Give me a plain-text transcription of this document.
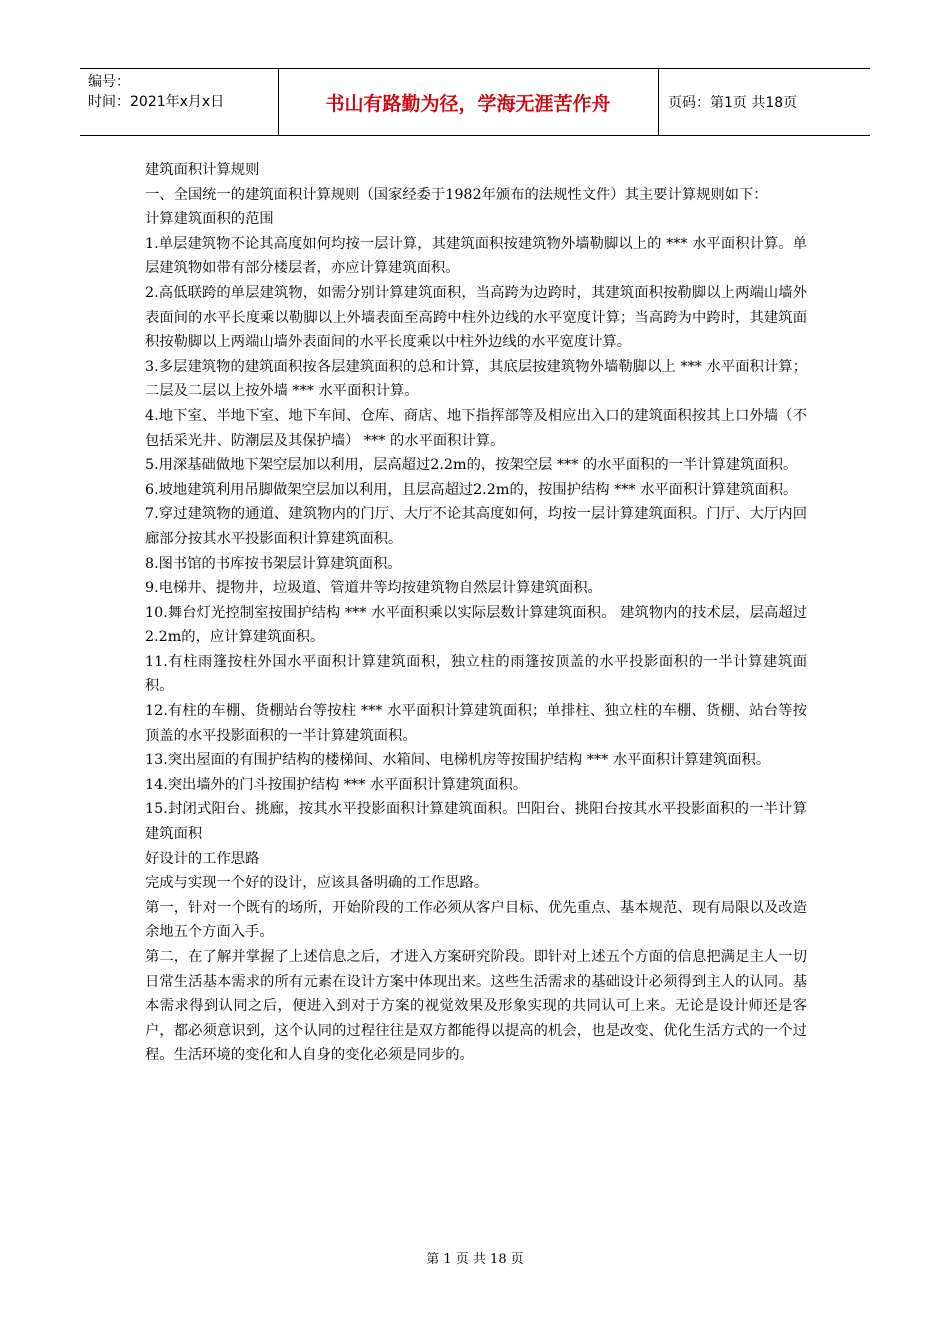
编号：
时间：2021年x月x日	书山有路勤为径，学海无涯苦作舟	页码：第1页 共18页

建筑面积计算规则

一、全国统一的建筑面积计算规则（国家经委于1982年颁布的法规性文件）其主要计算规则如下：

计算建筑面积的范围

1.单层建筑物不论其高度如何均按一层计算，其建筑面积按建筑物外墙勒脚以上的 *** 水平面积计算。单层建筑物如带有部分楼层者，亦应计算建筑面积。

2.高低联跨的单层建筑物，如需分别计算建筑面积，当高跨为边跨时，其建筑面积按勒脚以上两端山墙外表面间的水平长度乘以勒脚以上外墙表面至高跨中柱外边线的水平宽度计算；当高跨为中跨时，其建筑面积按勒脚以上两端山墙外表面间的水平长度乘以中柱外边线的水平宽度计算。

3.多层建筑物的建筑面积按各层建筑面积的总和计算，其底层按建筑物外墙勒脚以上 *** 水平面积计算；二层及二层以上按外墙 *** 水平面积计算。

4.地下室、半地下室、地下车间、仓库、商店、地下指挥部等及相应出入口的建筑面积按其上口外墙（不包括采光井、防潮层及其保护墙） *** 的水平面积计算。

5.用深基础做地下架空层加以利用，层高超过2.2m的，按架空层 *** 的水平面积的一半计算建筑面积。

6.坡地建筑利用吊脚做架空层加以利用，且层高超过2.2m的，按围护结构 *** 水平面积计算建筑面积。

7.穿过建筑物的通道、建筑物内的门厅、大厅不论其高度如何，均按一层计算建筑面积。门厅、大厅内回廊部分按其水平投影面积计算建筑面积。

8.图书馆的书库按书架层计算建筑面积。

9.电梯井、提物井，垃圾道、管道井等均按建筑物自然层计算建筑面积。

10.舞台灯光控制室按围护结构 *** 水平面积乘以实际层数计算建筑面积。 建筑物内的技术层，层高超过2.2m的，应计算建筑面积。

11.有柱雨篷按柱外国水平面积计算建筑面积，独立柱的雨篷按顶盖的水平投影面积的一半计算建筑面积。

12.有柱的车棚、货棚站台等按柱 *** 水平面积计算建筑面积；单排柱、独立柱的车棚、货棚、站台等按顶盖的水平投影面积的一半计算建筑面积。

13.突出屋面的有围护结构的楼梯间、水箱间、电梯机房等按围护结构 *** 水平面积计算建筑面积。

14.突出墙外的门斗按围护结构 *** 水平面积计算建筑面积。

15.封闭式阳台、挑廊，按其水平投影面积计算建筑面积。凹阳台、挑阳台按其水平投影面积的一半计算建筑面积

好设计的工作思路

完成与实现一个好的设计，应该具备明确的工作思路。

第一，针对一个既有的场所，开始阶段的工作必须从客户目标、优先重点、基本规范、现有局限以及改造余地五个方面入手。

第二，在了解并掌握了上述信息之后，才进入方案研究阶段。即针对上述五个方面的信息把满足主人一切日常生活基本需求的所有元素在设计方案中体现出来。这些生活需求的基础设计必须得到主人的认同。基本需求得到认同之后，便进入到对于方案的视觉效果及形象实现的共同认可上来。无论是设计师还是客户，都必须意识到，这个认同的过程往往是双方都能得以提高的机会，也是改变、优化生活方式的一个过程。生活环境的变化和人自身的变化必须是同步的。

第 1 页 共 18 页
